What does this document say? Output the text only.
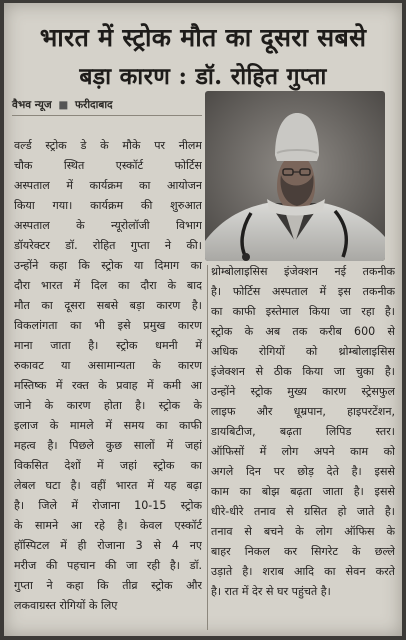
भारत में स्ट्रोक मौत का दूसरा सबसे
बड़ा कारण : डॉ. रोहित गुप्ता
वैभव न्यूज ■ फरीदाबाद
वर्ल्ड स्ट्रोक डे के मौके पर नीलम
चौक स्थित एस्कॉर्ट फोर्टिस
अस्पताल में कार्यक्रम का आयोजन
किया गया। कार्यक्रम की शुरुआत
अस्पताल के न्यूरोलॉजी विभाग
डॉयरेक्टर डॉ. रोहित गुप्ता ने की।
उन्होंने कहा कि स्ट्रोक या दिमाग का
दौरा भारत में दिल का दौरा के बाद
मौत का दूसरा सबसे बड़ा कारण है।
विकलांगता का भी इसे प्रमुख कारण
माना जाता है। स्ट्रोक धमनी में
रुकावट या असामान्यता के कारण
मस्तिष्क में रक्त के प्रवाह में कमी आ
जाने के कारण होता है। स्ट्रोक के
इलाज के मामले में समय का काफी
महत्व है। पिछले कुछ सालों में जहां
विकसित देशों में जहां स्ट्रोक का
लेबल घटा है। वहीं भारत में यह बढ़ा
है। जिले में रोजाना 10-15 स्ट्रोक
के सामने आ रहे है। केवल एस्कॉर्ट
हॉस्पिटल में ही रोजाना 3 से 4 नए
मरीज की पहचान की जा रही है। डॉ.
गुप्ता ने कहा कि तीव्र स्ट्रोक और
लकवाग्रस्त रोगियों के लिए
थ्रोम्बोलाइसिस इंजेक्शन नई तकनीक
है। फोर्टिस अस्पताल में इस तकनीक
का काफी इस्तेमाल किया जा रहा है।
स्ट्रोक के अब तक करीब 600 से
अधिक रोगियों को थ्रोम्बोलाइसिस
इंजेक्शन से ठीक किया जा चुका है।
उन्होंने स्ट्रोक मुख्य कारण स्ट्रेसफुल
लाइफ और धूम्रपान, हाइपरटेंशन,
डायबिटीज, बढ़ता लिपिड स्तर।
ऑफिसों में लोग अपने काम को
अगले दिन पर छोड़ देते है। इससे
काम का बोझ बढ़ता जाता है। इससे
धीरे-धीरे तनाव से ग्रसित हो जाते है।
तनाव से बचने के लोग ऑफिस के
बाहर निकल कर सिगरेट के छल्ले
उड़ाते है। शराब आदि का सेवन करते
है। रात में देर से घर पहुंचते है।
